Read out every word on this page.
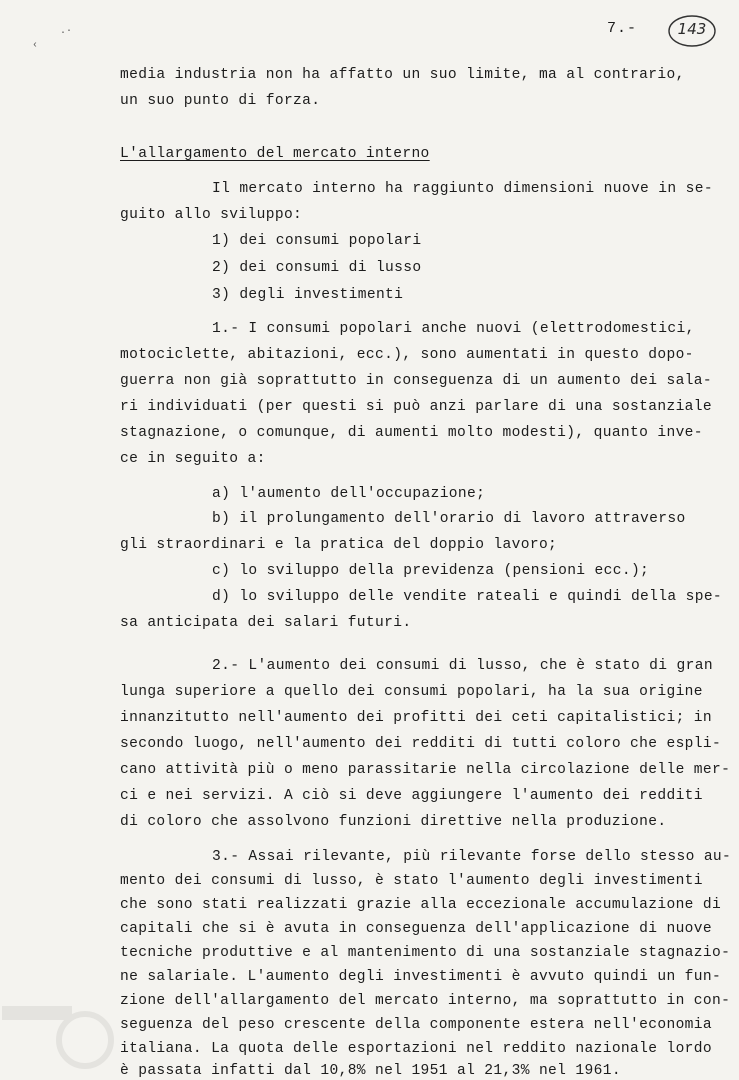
.·
‹
7.-	143

media industria non ha affatto un suo limite, ma al contrario,

un suo punto di forza.

L'allargamento del mercato interno

Il mercato interno ha raggiunto dimensioni nuove in se-

guito allo sviluppo:

1) dei consumi popolari

2) dei consumi di lusso

3) degli investimenti

1.- I consumi popolari anche nuovi (elettrodomestici,

motociclette, abitazioni, ecc.), sono aumentati in questo dopo-

guerra non già soprattutto in conseguenza di un aumento dei sala-

ri individuati (per questi si può anzi parlare di una sostanziale

stagnazione, o comunque, di aumenti molto modesti), quanto inve-

ce in seguito a:

a) l'aumento dell'occupazione;

b) il prolungamento dell'orario di lavoro attraverso

gli straordinari e la pratica del doppio lavoro;

c) lo sviluppo della previdenza (pensioni ecc.);

d) lo sviluppo delle vendite rateali e quindi della spe-

sa anticipata dei salari futuri.

2.- L'aumento dei consumi di lusso, che è stato di gran

lunga superiore a quello dei consumi popolari, ha la sua origine

innanzitutto nell'aumento dei profitti dei ceti capitalistici; in

secondo luogo, nell'aumento dei redditi di tutti coloro che espli-

cano attività più o meno parassitarie nella circolazione delle mer-

ci e nei servizi. A ciò si deve aggiungere l'aumento dei redditi

di coloro che assolvono funzioni direttive nella produzione.

3.- Assai rilevante, più rilevante forse dello stesso au-

mento dei consumi di lusso, è stato l'aumento degli investimenti

che sono stati realizzati grazie alla eccezionale accumulazione di

capitali che si è avuta in conseguenza dell'applicazione di nuove

tecniche produttive e al mantenimento di una sostanziale stagnazio-

ne salariale. L'aumento degli investimenti è avvuto quindi un fun-

zione dell'allargamento del mercato interno, ma soprattutto in con-

seguenza del peso crescente della componente estera nell'economia

italiana. La quota delle esportazioni nel reddito nazionale lordo

è passata infatti dal 10,8% nel 1951 al 21,3% nel 1961.
